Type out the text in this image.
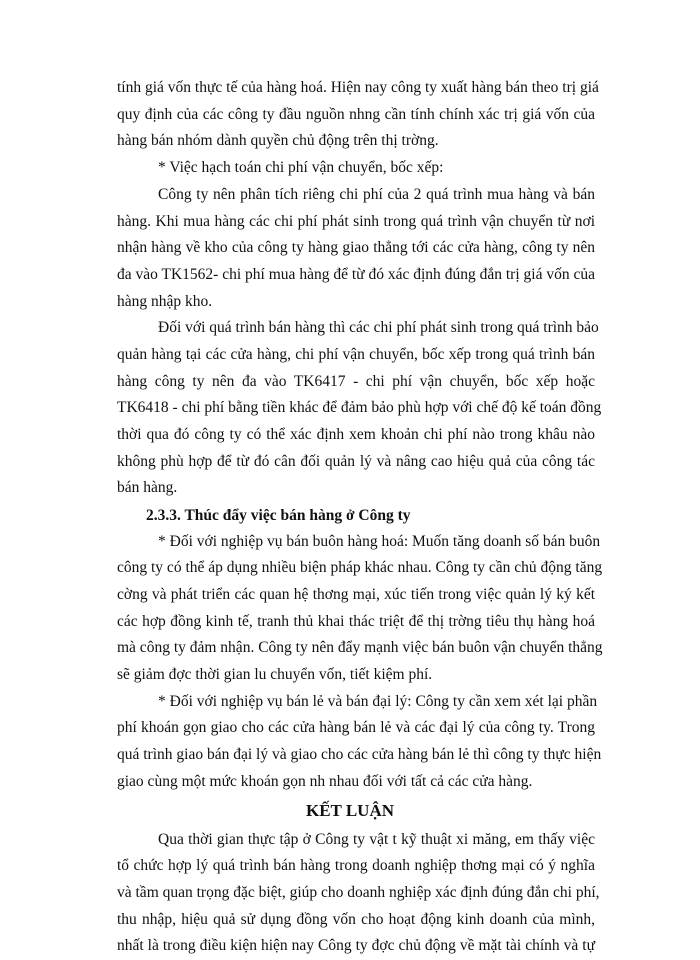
tính giá vốn thực tế của hàng hoá. Hiện nay công ty xuất hàng bán theo trị giá
quy định của các công ty đầu nguồn nhng cần tính chính xác trị giá vốn của
hàng bán nhóm dành quyền chủ động trên thị trờng.
* Việc hạch toán chi phí vận chuyển, bốc xếp:
Công ty nên phân tích riêng chi phí của 2 quá trình mua hàng và bán
hàng. Khi mua hàng các chi phí phát sinh trong quá trình vận chuyển từ nơi
nhận hàng về kho của công ty hàng giao thẳng tới các cửa hàng, công ty nên
đa vào TK1562- chi phí mua hàng để từ đó xác định đúng đắn trị giá vốn của
hàng nhập kho.
Đối với quá trình bán hàng thì các chi phí phát sinh trong quá trình bảo
quản hàng tại các cửa hàng, chi phí vận chuyển, bốc xếp trong quá trình bán
hàng công ty nên đa vào TK6417 - chi phí vận chuyển, bốc xếp hoặc
TK6418 - chi phí bằng tiền khác để đảm bảo phù hợp với chế độ kế toán đồng
thời qua đó công ty có thể xác định xem khoản chi phí nào trong khâu nào
không phù hợp để từ đó cân đối quản lý và nâng cao hiệu quả của công tác
bán hàng.
2.3.3. Thúc đẩy việc bán hàng ở Công ty
* Đối với nghiệp vụ bán buôn hàng hoá: Muốn tăng doanh số bán buôn
công ty có thể áp dụng nhiều biện pháp khác nhau. Công ty cần chủ động tăng
cờng và phát triển các quan hệ thơng mại, xúc tiến trong việc quản lý ký kết
các hợp đồng kinh tế, tranh thủ khai thác triệt để thị trờng tiêu thụ hàng hoá
mà công ty đảm nhận. Công ty nên đẩy mạnh việc bán buôn vận chuyển thẳng
sẽ giảm đợc thời gian lu chuyển vốn, tiết kiệm phí.
* Đối với nghiệp vụ bán lẻ và bán đại lý: Công ty cần xem xét lại phần
phí khoán gọn giao cho các cửa hàng bán lẻ và các đại lý của công ty. Trong
quá trình giao bán đại lý và giao cho các cửa hàng bán lẻ thì công ty thực hiện
giao cùng một mức khoán gọn nh nhau đối với tất cả các cửa hàng.
KẾT LUẬN
Qua thời gian thực tập ở Công ty vật t kỹ thuật xi măng, em thấy việc
tổ chức hợp lý quá trình bán hàng trong doanh nghiệp thơng mại có ý nghĩa
và tầm quan trọng đặc biệt, giúp cho doanh nghiệp xác định đúng đắn chi phí,
thu nhập, hiệu quả sử dụng đồng vốn cho hoạt động kinh doanh của mình,
nhất là trong điều kiện hiện nay Công ty đợc chủ động về mặt tài chính và tự
